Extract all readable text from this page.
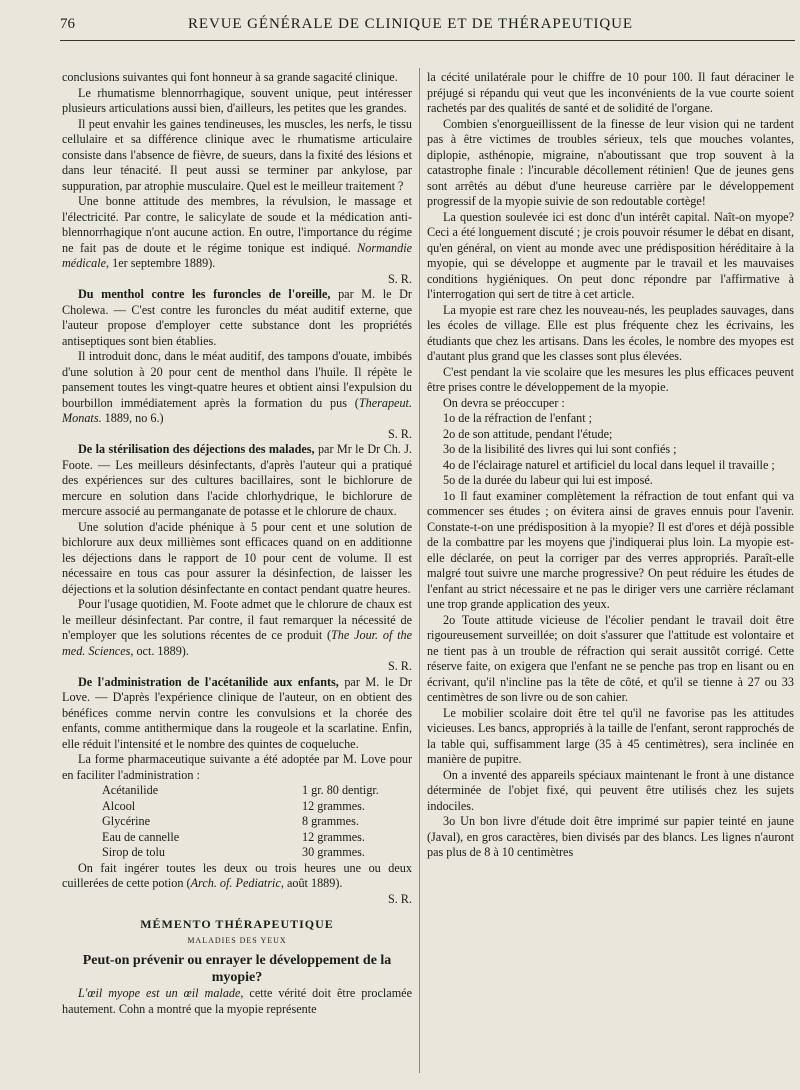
76	REVUE GÉNÉRALE DE CLINIQUE ET DE THÉRAPEUTIQUE

conclusions suivantes qui font honneur à sa grande sagacité clinique.

Le rhumatisme blennorrhagique, souvent unique, peut intéresser plusieurs articulations aussi bien, d'ailleurs, les petites que les grandes.

Il peut envahir les gaines tendineuses, les muscles, les nerfs, le tissu cellulaire et sa différence clinique avec le rhumatisme articulaire consiste dans l'absence de fièvre, de sueurs, dans la fixité des lésions et dans leur ténacité. Il peut aussi se terminer par ankylose, par suppuration, par atrophie musculaire. Quel est le meilleur traitement ?

Une bonne attitude des membres, la révulsion, le massage et l'électricité. Par contre, le salicylate de soude et la médication anti-blennorrhagique n'ont aucune action. En outre, l'importance du régime ne fait pas de doute et le régime tonique est indiqué. Normandie médicale, 1er septembre 1889).

S. R.

Du menthol contre les furoncles de l'oreille, par M. le Dr Cholewa. — C'est contre les furoncles du méat auditif externe, que l'auteur propose d'employer cette substance dont les propriétés antiseptiques sont bien établies.

Il introduit donc, dans le méat auditif, des tampons d'ouate, imbibés d'une solution à 20 pour cent de menthol dans l'huile. Il répète le pansement toutes les vingt-quatre heures et obtient ainsi l'expulsion du bourbillon immédiatement après la formation du pus (Therapeut. Monats. 1889, no 6.)

S. R.

De la stérilisation des déjections des malades, par Mr le Dr Ch. J. Foote. — Les meilleurs désinfectants, d'après l'auteur qui a pratiqué des expériences sur des cultures bacillaires, sont le bichlorure de mercure en solution dans l'acide chlorhydrique, le bichlorure de mercure associé au permanganate de potasse et le chlorure de chaux.

Une solution d'acide phénique à 5 pour cent et une solution de bichlorure aux deux millièmes sont efficaces quand on en additionne les déjections dans le rapport de 10 pour cent de volume. Il est nécessaire en tous cas pour assurer la désinfection, de laisser les déjections et la solution désinfectante en contact pendant quatre heures.

Pour l'usage quotidien, M. Foote admet que le chlorure de chaux est le meilleur désinfectant. Par contre, il faut remarquer la nécessité de n'employer que les solutions récentes de ce produit (The Jour. of the med. Sciences, oct. 1889).

S. R.

De l'administration de l'acétanilide aux enfants, par M. le Dr Love. — D'après l'expérience clinique de l'auteur, on en obtient des bénéfices comme nervin contre les convulsions et la chorée des enfants, comme antithermique dans la rougeole et la scarlatine. Enfin, elle réduit l'intensité et le nombre des quintes de coqueluche.

La forme pharmaceutique suivante a été adoptée par M. Love pour en faciliter l'administration :

Acétanilide	1 gr. 80 dentigr.
Alcool	12 grammes.
Glycérine	8 grammes.
Eau de cannelle	12 grammes.
Sirop de tolu	30 grammes.

On fait ingérer toutes les deux ou trois heures une ou deux cuillerées de cette potion (Arch. of. Pediatric, août 1889).

S. R.

MÉMENTO THÉRAPEUTIQUE
MALADIES DES YEUX
Peut-on prévenir ou enrayer le développement de la myopie?

L'œil myope est un œil malade, cette vérité doit être proclamée hautement. Cohn a montré que la myopie représente

la cécité unilatérale pour le chiffre de 10 pour 100. Il faut déraciner le préjugé si répandu qui veut que les inconvénients de la vue courte soient rachetés par des qualités de santé et de solidité de l'organe.

Combien s'enorgueillissent de la finesse de leur vision qui ne tardent pas à être victimes de troubles sérieux, tels que mouches volantes, diplopie, asthénopie, migraine, n'aboutissant que trop souvent à la catastrophe finale : l'incurable décollement rétinien! Que de jeunes gens sont arrêtés au début d'une heureuse carrière par le développement progressif de la myopie suivie de son redoutable cortège!

La question soulevée ici est donc d'un intérêt capital. Naît-on myope? Ceci a été longuement discuté ; je crois pouvoir résumer le débat en disant, qu'en général, on vient au monde avec une prédisposition héréditaire à la myopie, qui se développe et augmente par le travail et les mauvaises conditions hygiéniques. On peut donc répondre par l'affirmative à l'interrogation qui sert de titre à cet article.

La myopie est rare chez les nouveau-nés, les peuplades sauvages, dans les écoles de village. Elle est plus fréquente chez les écrivains, les étudiants que chez les artisans. Dans les écoles, le nombre des myopes est d'autant plus grand que les classes sont plus élevées.

C'est pendant la vie scolaire que les mesures les plus efficaces peuvent être prises contre le développement de la myopie.

On devra se préoccuper :

1o de la réfraction de l'enfant ;

2o de son attitude, pendant l'étude;

3o de la lisibilité des livres qui lui sont confiés ;

4o de l'éclairage naturel et artificiel du local dans lequel il travaille ;

5o de la durée du labeur qui lui est imposé.

1o Il faut examiner complètement la réfraction de tout enfant qui va commencer ses études ; on évitera ainsi de graves ennuis pour l'avenir. Constate-t-on une prédisposition à la myopie? Il est d'ores et déjà possible de la combattre par les moyens que j'indiquerai plus loin. La myopie est-elle déclarée, on peut la corriger par des verres appropriés. Paraît-elle malgré tout suivre une marche progressive? On peut réduire les études de l'enfant au strict nécessaire et ne pas le diriger vers une carrière réclamant une trop grande application des yeux.

2o Toute attitude vicieuse de l'écolier pendant le travail doit être rigoureusement surveillée; on doit s'assurer que l'attitude est volontaire et ne tient pas à un trouble de réfraction qui serait aussitôt corrigé. Cette réserve faite, on exigera que l'enfant ne se penche pas trop en lisant ou en écrivant, qu'il n'incline pas la tête de côté, et qu'il se tienne à 27 ou 33 centimètres de son livre ou de son cahier.

Le mobilier scolaire doit être tel qu'il ne favorise pas les attitudes vicieuses. Les bancs, appropriés à la taille de l'enfant, seront rapprochés de la table qui, suffisamment large (35 à 45 centimètres), sera inclinée en manière de pupitre.

On a inventé des appareils spéciaux maintenant le front à une distance déterminée de l'objet fixé, qui peuvent être utilisés chez les sujets indociles.

3o Un bon livre d'étude doit être imprimé sur papier teinté en jaune (Javal), en gros caractères, bien divisés par des blancs. Les lignes n'auront pas plus de 8 à 10 centimètres
